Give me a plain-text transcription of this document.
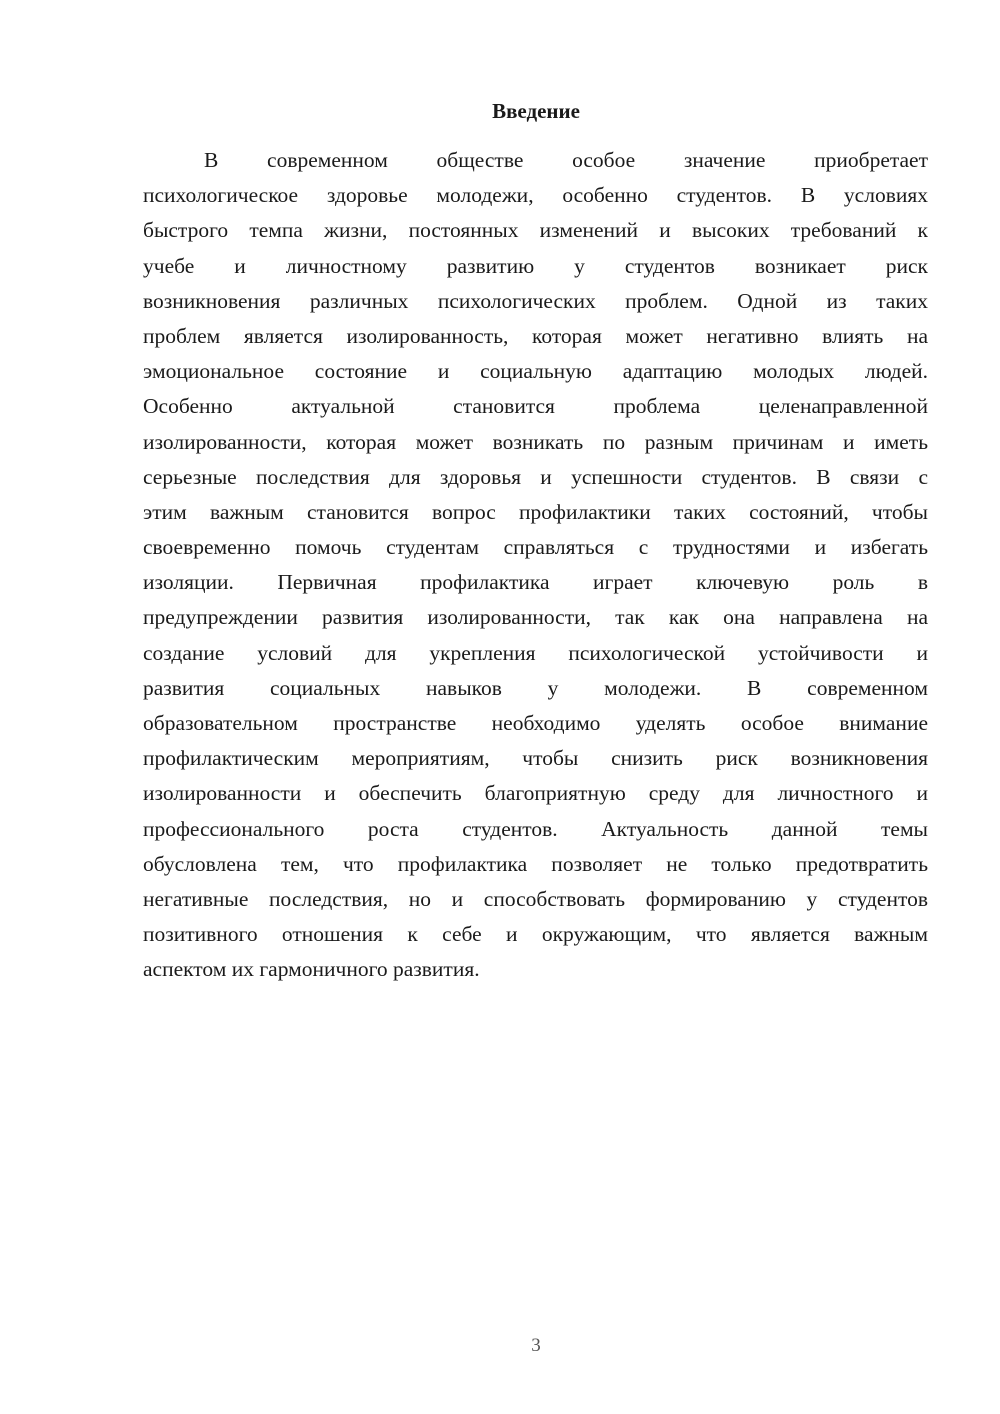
Введение
В современном обществе особое значение приобретает
психологическое здоровье молодежи, особенно студентов. В условиях
быстрого темпа жизни, постоянных изменений и высоких требований к
учебе и личностному развитию у студентов возникает риск
возникновения различных психологических проблем. Одной из таких
проблем является изолированность, которая может негативно влиять на
эмоциональное состояние и социальную адаптацию молодых людей.
Особенно актуальной становится проблема целенаправленной
изолированности, которая может возникать по разным причинам и иметь
серьезные последствия для здоровья и успешности студентов. В связи с
этим важным становится вопрос профилактики таких состояний, чтобы
своевременно помочь студентам справляться с трудностями и избегать
изоляции. Первичная профилактика играет ключевую роль в
предупреждении развития изолированности, так как она направлена на
создание условий для укрепления психологической устойчивости и
развития социальных навыков у молодежи. В современном
образовательном пространстве необходимо уделять особое внимание
профилактическим мероприятиям, чтобы снизить риск возникновения
изолированности и обеспечить благоприятную среду для личностного и
профессионального роста студентов. Актуальность данной темы
обусловлена тем, что профилактика позволяет не только предотвратить
негативные последствия, но и способствовать формированию у студентов
позитивного отношения к себе и окружающим, что является важным
аспектом их гармоничного развития.
3
